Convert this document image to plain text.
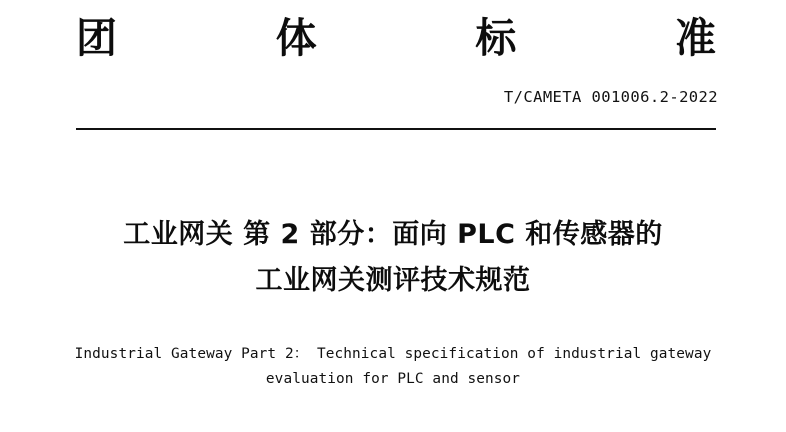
团	体	标	准
T/CAMETA 001006.2-2022
工业网关 第 2 部分：面向 PLC 和传感器的
工业网关测评技术规范
Industrial Gateway Part 2： Technical specification of industrial gateway
evaluation for PLC and sensor
